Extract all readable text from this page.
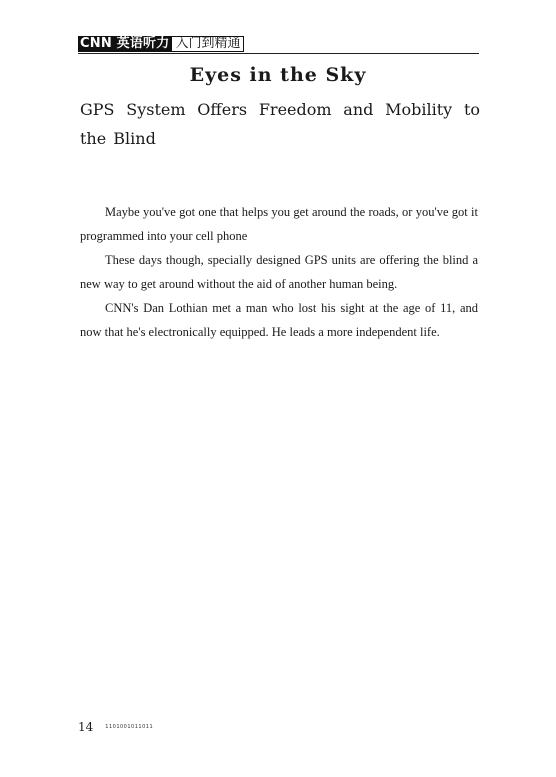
CNN 英语听力 入门到精通
Eyes in the Sky
GPS System Offers Freedom and Mobility to the Blind

Maybe you've got one that helps you get around the roads, or you've got it programmed into your cell phone

These days though, specially designed GPS units are offering the blind a new way to get around without the aid of another human being.

CNN's Dan Lothian met a man who lost his sight at the age of 11, and now that he's electronically equipped. He leads a more independent life.

14 1101001011011
